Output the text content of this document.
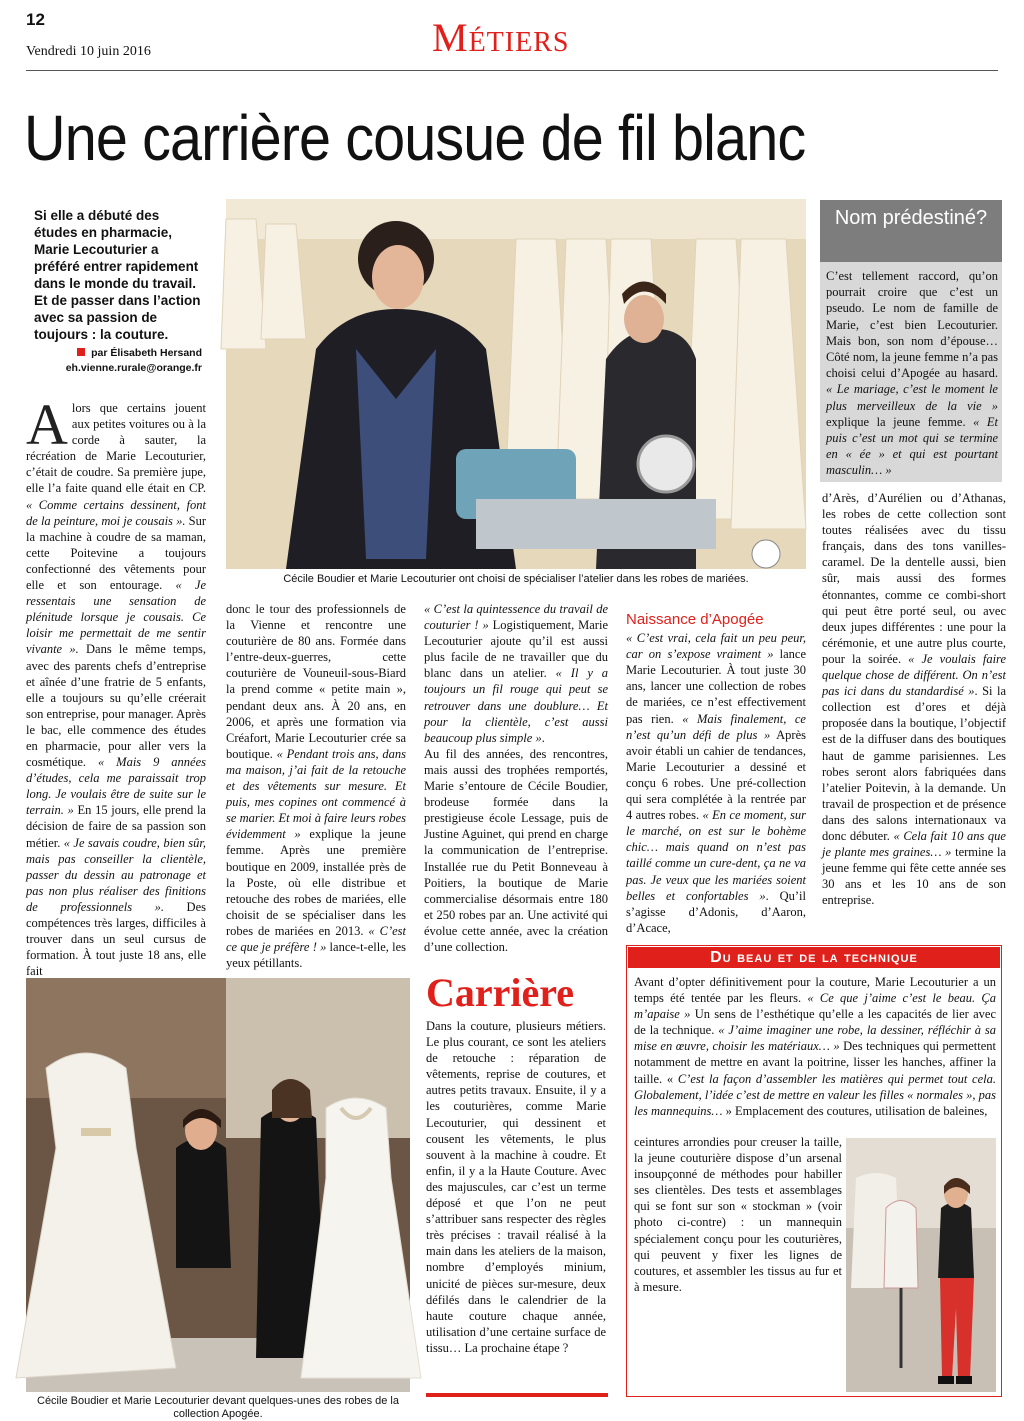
12
Vendredi 10 juin 2016	Métiers
Une carrière cousue de fil blanc
Si elle a débuté des études en pharmacie, Marie Lecouturier a préféré entrer rapidement dans le monde du travail. Et de passer dans l’action avec sa passion de toujours : la couture.
par Élisabeth Hersand
eh.vienne.rurale@orange.fr

Alors que certains jouent aux petites voitures ou à la corde à sauter, la récréation de Marie Lecouturier, c’était de coudre. Sa première jupe, elle l’a faite quand elle était en CP. « Comme certains dessinent, font de la peinture, moi je cousais ». Sur la machine à coudre de sa maman, cette Poitevine a toujours confectionné des vêtements pour elle et son entourage. « Je ressentais une sensation de plénitude lorsque je cousais. Ce loisir me permettait de me sentir vivante ». Dans le même temps, avec des parents chefs d’entreprise et aînée d’une fratrie de 5 enfants, elle a toujours su qu’elle créerait son entreprise, pour manager. Après le bac, elle commence des études en pharmacie, pour aller vers la cosmétique. « Mais 9 années d’études, cela me paraissait trop long. Je voulais être de suite sur le terrain. » En 15 jours, elle prend la décision de faire de sa passion son métier. « Je savais coudre, bien sûr, mais pas conseiller la clientèle, passer du dessin au patronage et pas non plus réaliser des finitions de professionnels ». Des compétences très larges, difficiles à trouver dans un seul cursus de formation. À tout juste 18 ans, elle fait

Cécile Boudier et Marie Lecouturier ont choisi de spécialiser l’atelier dans les robes de mariées.
Nom prédestiné?
C’est tellement raccord, qu’on pourrait croire que c’est un pseudo. Le nom de famille de Marie, c’est bien Lecouturier. Mais bon, son nom d’épouse… Côté nom, la jeune femme n’a pas choisi celui d’Apogée au hasard. « Le mariage, c’est le moment le plus merveilleux de la vie » explique la jeune femme. « Et puis c’est un mot qui se termine en « ée » et qui est pourtant masculin… »

donc le tour des professionnels de la Vienne et rencontre une couturière de 80 ans. Formée dans l’entre-deux-guerres, cette couturière de Vouneuil-sous-Biard la prend comme « petite main », pendant deux ans. À 20 ans, en 2006, et après une formation via Créafort, Marie Lecouturier crée sa boutique. « Pendant trois ans, dans ma maison, j’ai fait de la retouche et des vêtements sur mesure. Et puis, mes copines ont commencé à se marier. Et moi à faire leurs robes évidemment » explique la jeune femme. Après une première boutique en 2009, installée près de la Poste, où elle distribue et retouche des robes de mariées, elle choisit de se spécialiser dans les robes de mariées en 2013. « C’est ce que je préfère ! » lance-t-elle, les yeux pétillants.

« C’est la quintessence du travail de couturier ! » Logistiquement, Marie Lecouturier ajoute qu’il est aussi plus facile de ne travailler que du blanc dans un atelier. « Il y a toujours un fil rouge qui peut se retrouver dans une doublure… Et pour la clientèle, c’est aussi beaucoup plus simple ».

Au fil des années, des rencontres, mais aussi des trophées remportés, Marie s’entoure de Cécile Boudier, brodeuse formée dans la prestigieuse école Lessage, puis de Justine Aguinet, qui prend en charge la communication de l’entreprise. Installée rue du Petit Bonneveau à Poitiers, la boutique de Marie commercialise désormais entre 180 et 250 robes par an. Une activité qui évolue cette année, avec la création d’une collection.

Naissance d’Apogée

« C’est vrai, cela fait un peu peur, car on s’expose vraiment » lance Marie Lecouturier. À tout juste 30 ans, lancer une collection de robes de mariées, ce n’est effectivement pas rien. « Mais finalement, ce n’est qu’un défi de plus » Après avoir établi un cahier de tendances, Marie Lecouturier a dessiné et conçu 6 robes. Une pré-collection qui sera complétée à la rentrée par 4 autres robes. « En ce moment, sur le marché, on est sur le bohème chic… mais quand on n’est pas taillé comme un cure-dent, ça ne va pas. Je veux que les mariées soient belles et confortables ». Qu’il s’agisse d’Adonis, d’Aaron, d’Acace,

d’Arès, d’Aurélien ou d’Athanas, les robes de cette collection sont toutes réalisées avec du tissu français, dans des tons vanilles-caramel. De la dentelle aussi, bien sûr, mais aussi des formes étonnantes, comme ce combi-short qui peut être porté seul, ou avec deux jupes différentes : une pour la cérémonie, et une autre plus courte, pour la soirée. « Je voulais faire quelque chose de différent. On n’est pas ici dans du standardisé ». Si la collection est d’ores et déjà proposée dans la boutique, l’objectif est de la diffuser dans des boutiques haut de gamme parisiennes. Les robes seront alors fabriquées dans l’atelier Poitevin, à la demande. Un travail de prospection et de présence dans des salons internationaux va donc débuter. « Cela fait 10 ans que je plante mes graines… » termine la jeune femme qui fête cette année ses 30 ans et les 10 ans de son entreprise.

Cécile Boudier et Marie Lecouturier devant quelques-unes des robes de la collection Apogée.
Carrière
Dans la couture, plusieurs métiers. Le plus courant, ce sont les ateliers de retouche : réparation de vêtements, reprise de coutures, et autres petits travaux. Ensuite, il y a les couturières, comme Marie Lecouturier, qui dessinent et cousent les vêtements, le plus souvent à la machine à coudre. Et enfin, il y a la Haute Couture. Avec des majuscules, car c’est un terme déposé et que l’on ne peut s’attribuer sans respecter des règles très précises : travail réalisé à la main dans les ateliers de la maison, nombre d’employés minium, unicité de pièces sur-mesure, deux défilés dans le calendrier de la haute couture chaque année, utilisation d’une certaine surface de tissu… La prochaine étape ?
Du beau et de la technique

Avant d’opter définitivement pour la couture, Marie Lecouturier a un temps été tentée par les fleurs. « Ce que j’aime c’est le beau. Ça m’apaise » Un sens de l’esthétique qu’elle a les capacités de lier avec de la technique. « J’aime imaginer une robe, la dessiner, réfléchir à sa mise en œuvre, choisir les matériaux… » Des techniques qui permettent notamment de mettre en avant la poitrine, lisser les hanches, affiner la taille. « C’est la façon d’assembler les matières qui permet tout cela. Globalement, l’idée c’est de mettre en valeur les filles « normales », pas les mannequins… » Emplacement des coutures, utilisation de baleines,

ceintures arrondies pour creuser la taille, la jeune couturière dispose d’un arsenal insoupçonné de méthodes pour habiller ses clientèles. Des tests et assemblages qui se font sur son « stockman » (voir photo ci-contre) : un mannequin spécialement conçu pour les couturières, qui peuvent y fixer les lignes de coutures, et assembler les tissus au fur et à mesure.
